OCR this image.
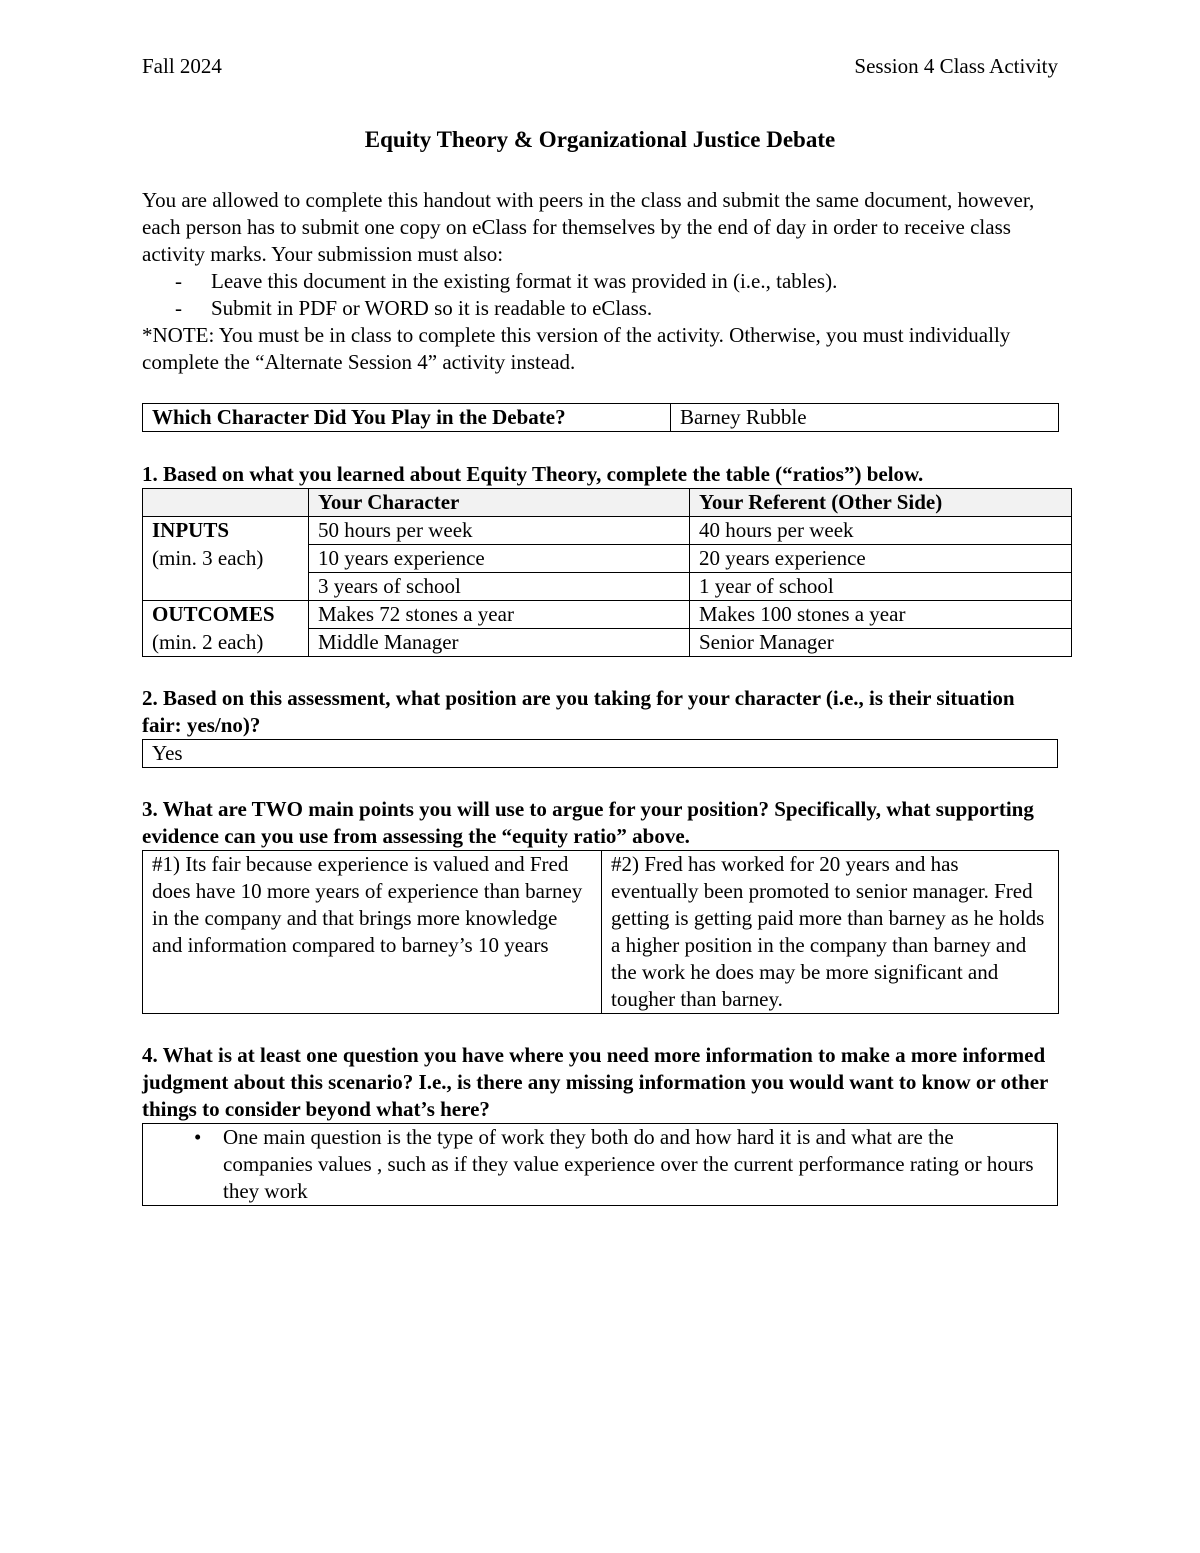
Fall 2024	Session 4 Class Activity
Equity Theory & Organizational Justice Debate

You are allowed to complete this handout with peers in the class and submit the same document, however, each person has to submit one copy on eClass for themselves by the end of day in order to receive class activity marks. Your submission must also:

- Leave this document in the existing format it was provided in (i.e., tables).
- Submit in PDF or WORD so it is readable to eClass.

*NOTE: You must be in class to complete this version of the activity. Otherwise, you must individually complete the “Alternate Session 4” activity instead.

Which Character Did You Play in the Debate?	Barney Rubble

1. Based on what you learned about Equity Theory, complete the table (“ratios”) below.

	Your Character	Your Referent (Other Side)
INPUTS	50 hours per week	40 hours per week
(min. 3 each)	10 years experience	20 years experience
	3 years of school	1 year of school
OUTCOMES	Makes 72 stones a year	Makes 100 stones a year
(min. 2 each)	Middle Manager	Senior Manager

2. Based on this assessment, what position are you taking for your character (i.e., is their situation fair: yes/no)?

Yes

3. What are TWO main points you will use to argue for your position? Specifically, what supporting evidence can you use from assessing the “equity ratio” above.

#1) Its fair because experience is valued and Fred does have 10 more years of experience than barney in the company and that brings more knowledge and information compared to barney’s 10 years	#2) Fred has worked for 20 years and has eventually been promoted to senior manager. Fred getting is getting paid more than barney as he holds a higher position in the company than barney and the work he does may be more significant and tougher than barney.

4. What is at least one question you have where you need more information to make a more informed judgment about this scenario? I.e., is there any missing information you would want to know or other things to consider beyond what’s here?

• One main question is the type of work they both do and how hard it is and what are the companies values , such as if they value experience over the current performance rating or hours they work
